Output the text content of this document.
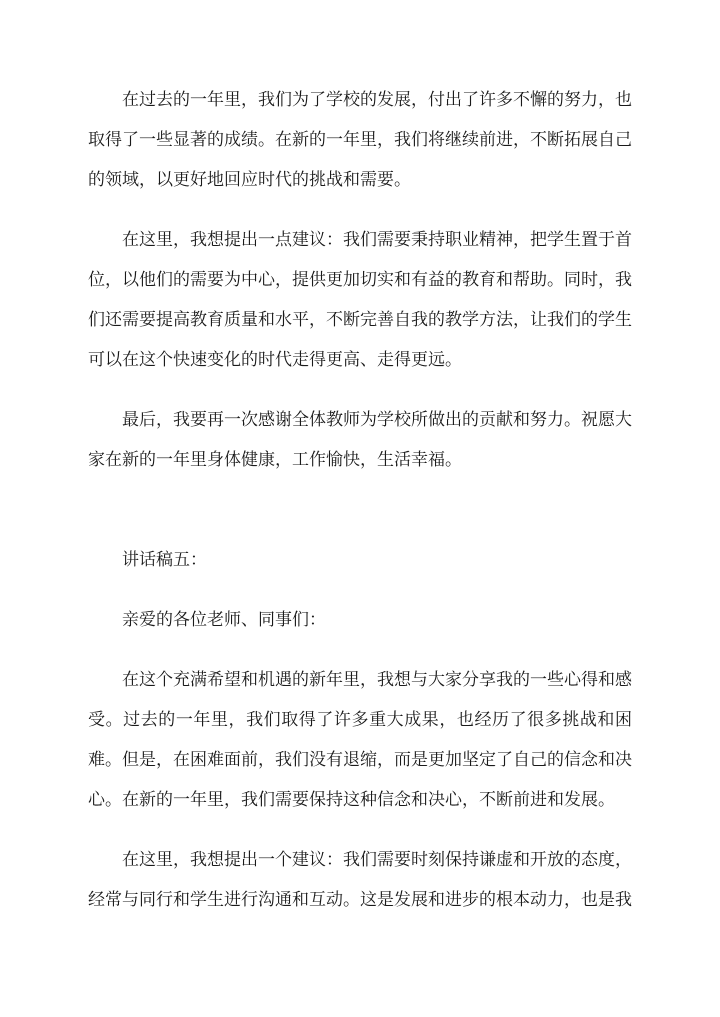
在过去的一年里，我们为了学校的发展，付出了许多不懈的努力，也取得了一些显著的成绩。在新的一年里，我们将继续前进，不断拓展自己的领域，以更好地回应时代的挑战和需要。

在这里，我想提出一点建议：我们需要秉持职业精神，把学生置于首位，以他们的需要为中心，提供更加切实和有益的教育和帮助。同时，我们还需要提高教育质量和水平，不断完善自我的教学方法，让我们的学生可以在这个快速变化的时代走得更高、走得更远。

最后，我要再一次感谢全体教师为学校所做出的贡献和努力。祝愿大家在新的一年里身体健康，工作愉快，生活幸福。

讲话稿五：

亲爱的各位老师、同事们：

在这个充满希望和机遇的新年里，我想与大家分享我的一些心得和感受。过去的一年里，我们取得了许多重大成果，也经历了很多挑战和困难。但是，在困难面前，我们没有退缩，而是更加坚定了自己的信念和决心。在新的一年里，我们需要保持这种信念和决心，不断前进和发展。

在这里，我想提出一个建议：我们需要时刻保持谦虚和开放的态度，经常与同行和学生进行沟通和互动。这是发展和进步的根本动力，也是我
